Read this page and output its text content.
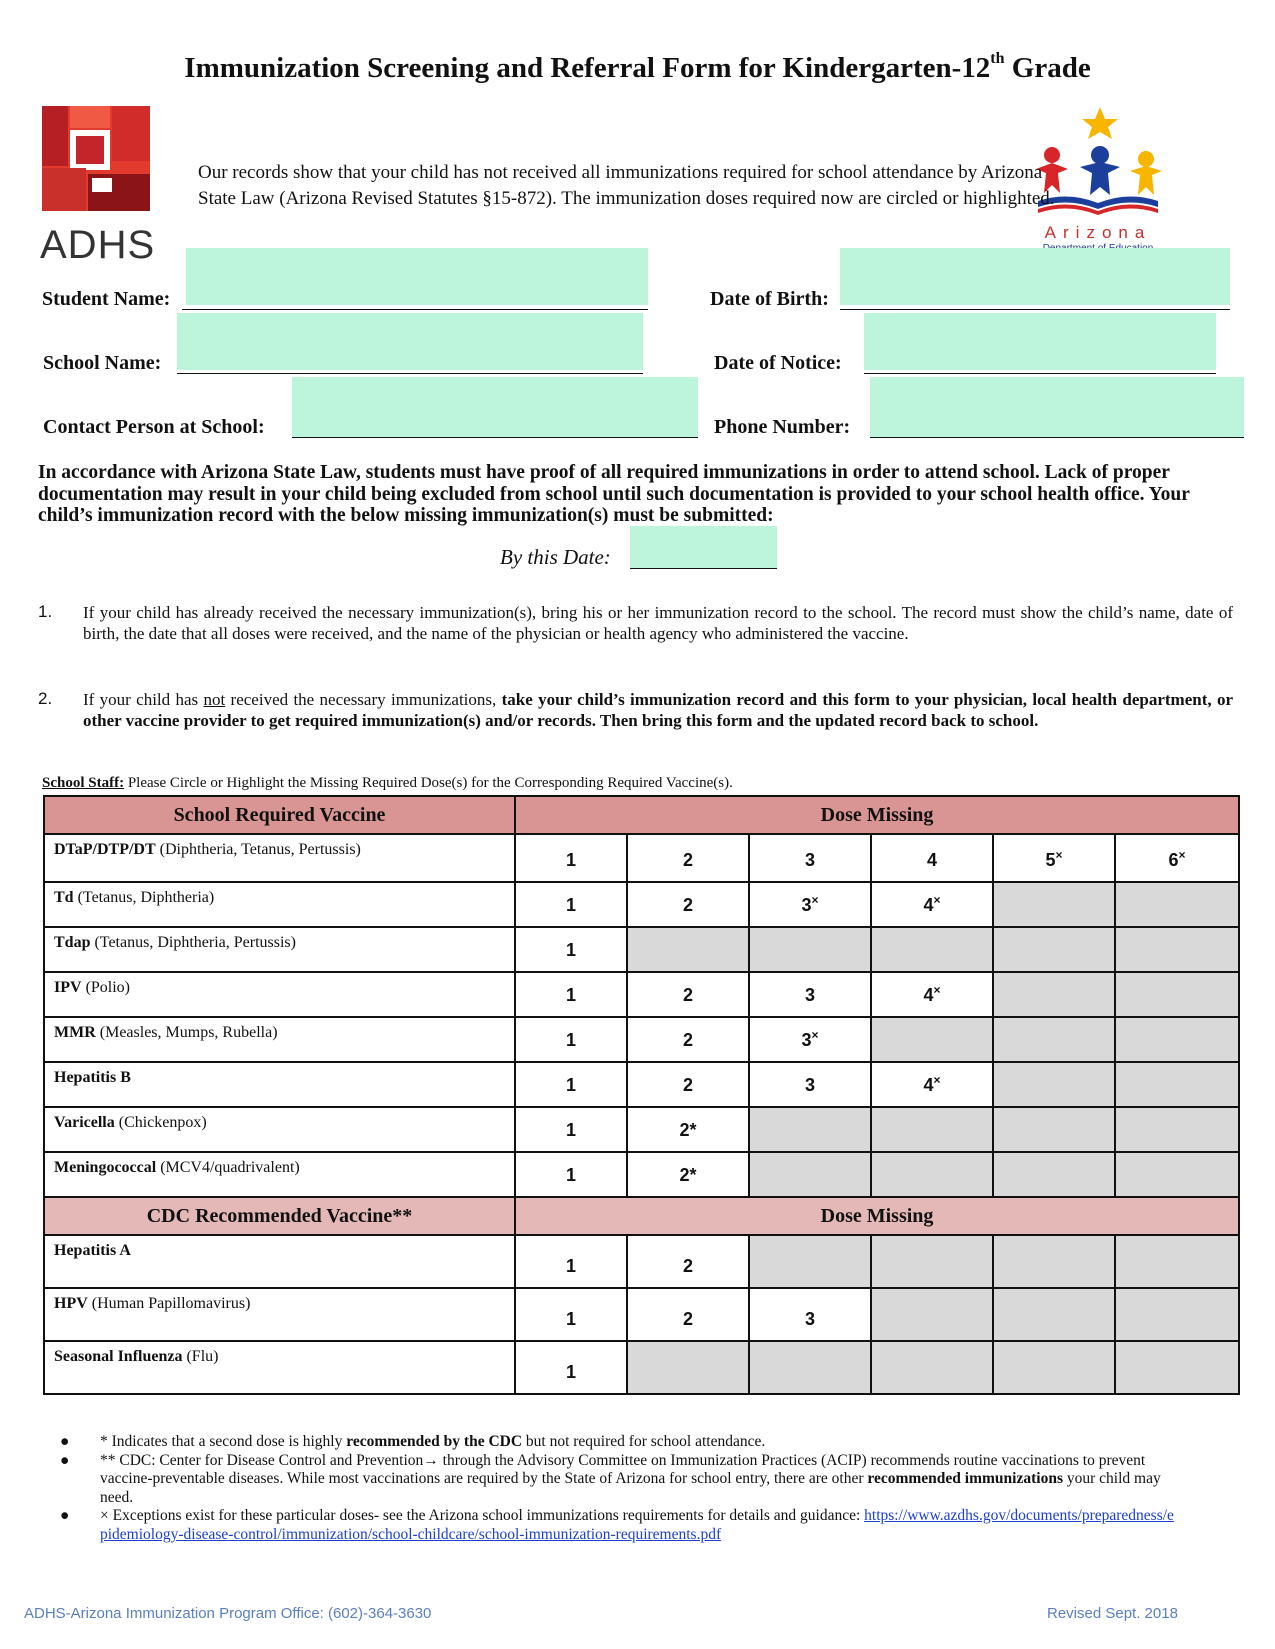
Immunization Screening and Referral Form for Kindergarten-12th Grade
ADHS	Arizona
Our records show that your child has not received all immunizations required for school attendance by Arizona State Law (Arizona Revised Statutes §15-872). The immunization doses required now are circled or highlighted.
Student Name:	Date of Birth:
School Name:	Date of Notice:
Contact Person at School:	Phone Number:
In accordance with Arizona State Law, students must have proof of all required immunizations in order to attend school. Lack of proper documentation may result in your child being excluded from school until such documentation is provided to your school health office. Your child’s immunization record with the below missing immunization(s) must be submitted:
By this Date:
1. If your child has already received the necessary immunization(s), bring his or her immunization record to the school. The record must show the child’s name, date of birth, the date that all doses were received, and the name of the physician or health agency who administered the vaccine.
2. If your child has not received the necessary immunizations, take your child’s immunization record and this form to your physician, local health department, or other vaccine provider to get required immunization(s) and/or records. Then bring this form and the updated record back to school.
School Staff: Please Circle or Highlight the Missing Required Dose(s) for the Corresponding Required Vaccine(s).
School Required Vaccine	Dose Missing					
DTaP/DTP/DT (Diphtheria, Tetanus, Pertussis)	1	2	3	4	5×	6×
Td (Tetanus, Diphtheria)	1	2	3×	4×		
Tdap (Tetanus, Diphtheria, Pertussis)	1					
IPV (Polio)	1	2	3	4×		
MMR (Measles, Mumps, Rubella)	1	2	3×			
Hepatitis B	1	2	3	4×		
Varicella (Chickenpox)	1	2*				
Meningococcal (MCV4/quadrivalent)	1	2*				
CDC Recommended Vaccine**	Dose Missing					
Hepatitis A	1	2				
HPV (Human Papillomavirus)	1	2	3			
Seasonal Influenza (Flu)	1					
● * Indicates that a second dose is highly recommended by the CDC but not required for school attendance.
● ** CDC: Center for Disease Control and Prevention→ through the Advisory Committee on Immunization Practices (ACIP) recommends routine vaccinations to prevent vaccine-preventable diseases. While most vaccinations are required by the State of Arizona for school entry, there are other recommended immunizations your child may need.
● × Exceptions exist for these particular doses- see the Arizona school immunizations requirements for details and guidance: https://www.azdhs.gov/documents/preparedness/epidemiology-disease-control/immunization/school-childcare/school-immunization-requirements.pdf
ADHS-Arizona Immunization Program Office: (602)-364-3630	Revised Sept. 2018
